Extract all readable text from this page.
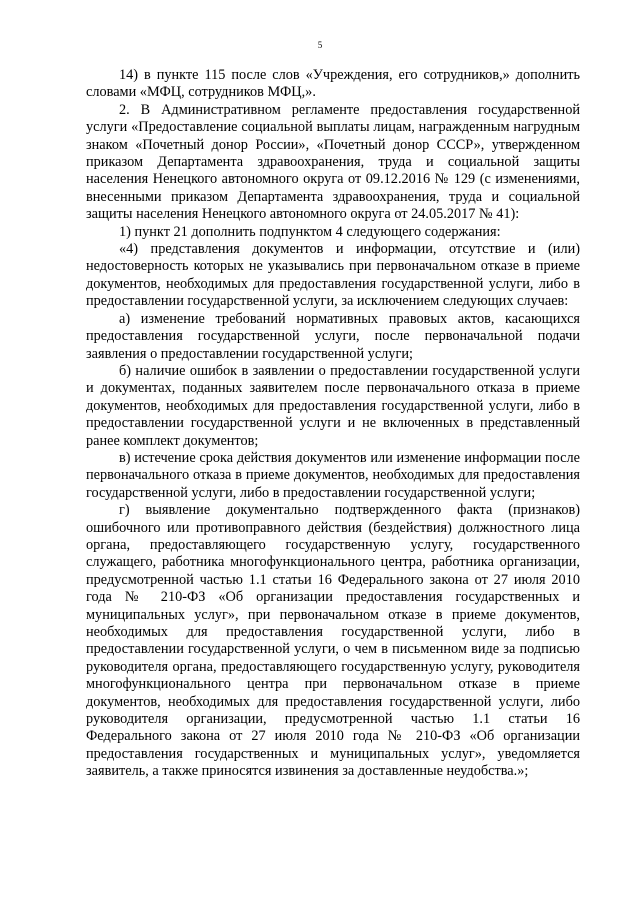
5

14) в пункте 115 после слов «Учреждения, его сотрудников,» дополнить словами «МФЦ, сотрудников МФЦ,».

2. В Административном регламенте предоставления государственной услуги «Предоставление социальной выплаты лицам, награжденным нагрудным знаком «Почетный донор России», «Почетный донор СССР», утвержденном приказом Департамента здравоохранения, труда и социальной защиты населения Ненецкого автономного округа от 09.12.2016 № 129 (с изменениями, внесенными приказом Департамента здравоохранения, труда и социальной защиты населения Ненецкого автономного округа от 24.05.2017 № 41):

1) пункт 21 дополнить подпунктом 4 следующего содержания:

«4) представления документов и информации, отсутствие и (или) недостоверность которых не указывались при первоначальном отказе в приеме документов, необходимых для предоставления государственной услуги, либо в предоставлении государственной услуги, за исключением следующих случаев:

а) изменение требований нормативных правовых актов, касающихся предоставления государственной услуги, после первоначальной подачи заявления о предоставлении государственной услуги;

б) наличие ошибок в заявлении о предоставлении государственной услуги и документах, поданных заявителем после первоначального отказа в приеме документов, необходимых для предоставления государственной услуги, либо в предоставлении государственной услуги и не включенных в представленный ранее комплект документов;

в) истечение срока действия документов или изменение информации после первоначального отказа в приеме документов, необходимых для предоставления государственной услуги, либо в предоставлении государственной услуги;

г) выявление документально подтвержденного факта (признаков) ошибочного или противоправного действия (бездействия) должностного лица органа, предоставляющего государственную услугу, государственного служащего, работника многофункционального центра, работника организации, предусмотренной частью 1.1 статьи 16 Федерального закона от 27 июля 2010 года № 210-ФЗ «Об организации предоставления государственных и муниципальных услуг», при первоначальном отказе в приеме документов, необходимых для предоставления государственной услуги, либо в предоставлении государственной услуги, о чем в письменном виде за подписью руководителя органа, предоставляющего государственную услугу, руководителя многофункционального центра при первоначальном отказе в приеме документов, необходимых для предоставления государственной услуги, либо руководителя организации, предусмотренной частью 1.1 статьи 16 Федерального закона от 27 июля 2010 года № 210-ФЗ «Об организации предоставления государственных и муниципальных услуг», уведомляется заявитель, а также приносятся извинения за доставленные неудобства.»;
